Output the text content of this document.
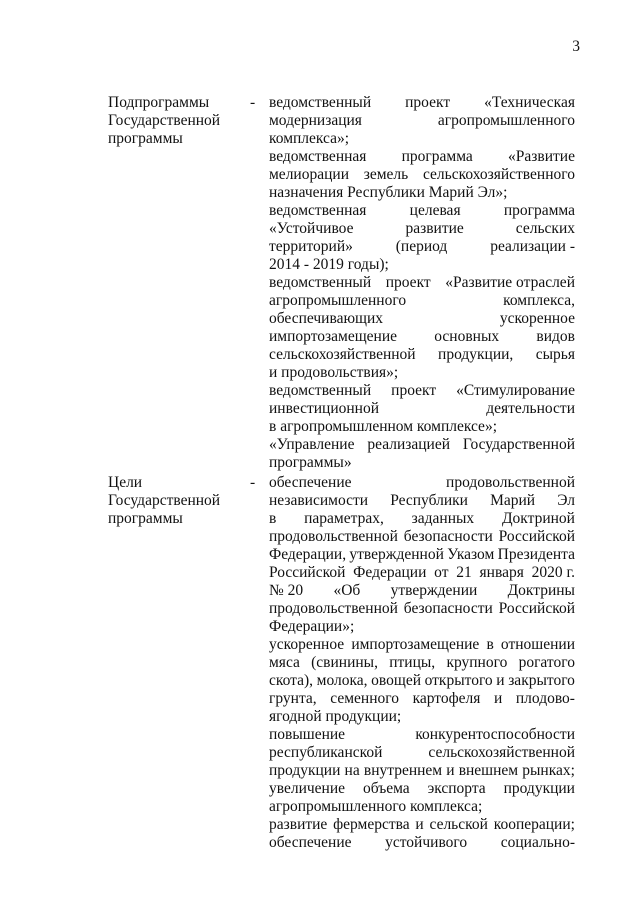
3
Подпрограммы
Государственной
программы
- ведомственный проект «Техническая
модернизация	агропромышленного
комплекса»;
ведомственная программа «Развитие
мелиорации земель сельскохозяйственного
назначения Республики Марий Эл»;
ведомственная	целевая	программа
«Устойчивое	развитие	сельских
территорий»	(период	реализации -
2014 - 2019 годы);
ведомственный проект «Развитие отраслей
агропромышленного	комплекса,
обеспечивающих	ускоренное
импортозамещение основных видов
сельскохозяйственной продукции, сырья
и продовольствия»;
ведомственный проект «Стимулирование
инвестиционной	деятельности
в агропромышленном комплексе»;
«Управление реализацией Государственной
программы»
Цели
Государственной
программы
- обеспечение	продовольственной
независимости Республики Марий Эл
в параметрах, заданных Доктриной
продовольственной безопасности Российской
Федерации, утвержденной Указом Президента
Российской Федерации от 21 января 2020 г.
№ 20 «Об утверждении Доктрины
продовольственной безопасности Российской
Федерации»;
ускоренное импортозамещение в отношении
мяса (свинины, птицы, крупного рогатого
скота), молока, овощей открытого и закрытого
грунта, семенного картофеля и плодово-
ягодной продукции;
повышение	конкурентоспособности
республиканской	сельскохозяйственной
продукции на внутреннем и внешнем рынках;
увеличение объема экспорта продукции
агропромышленного комплекса;
развитие фермерства и сельской кооперации;
обеспечение устойчивого социально-
